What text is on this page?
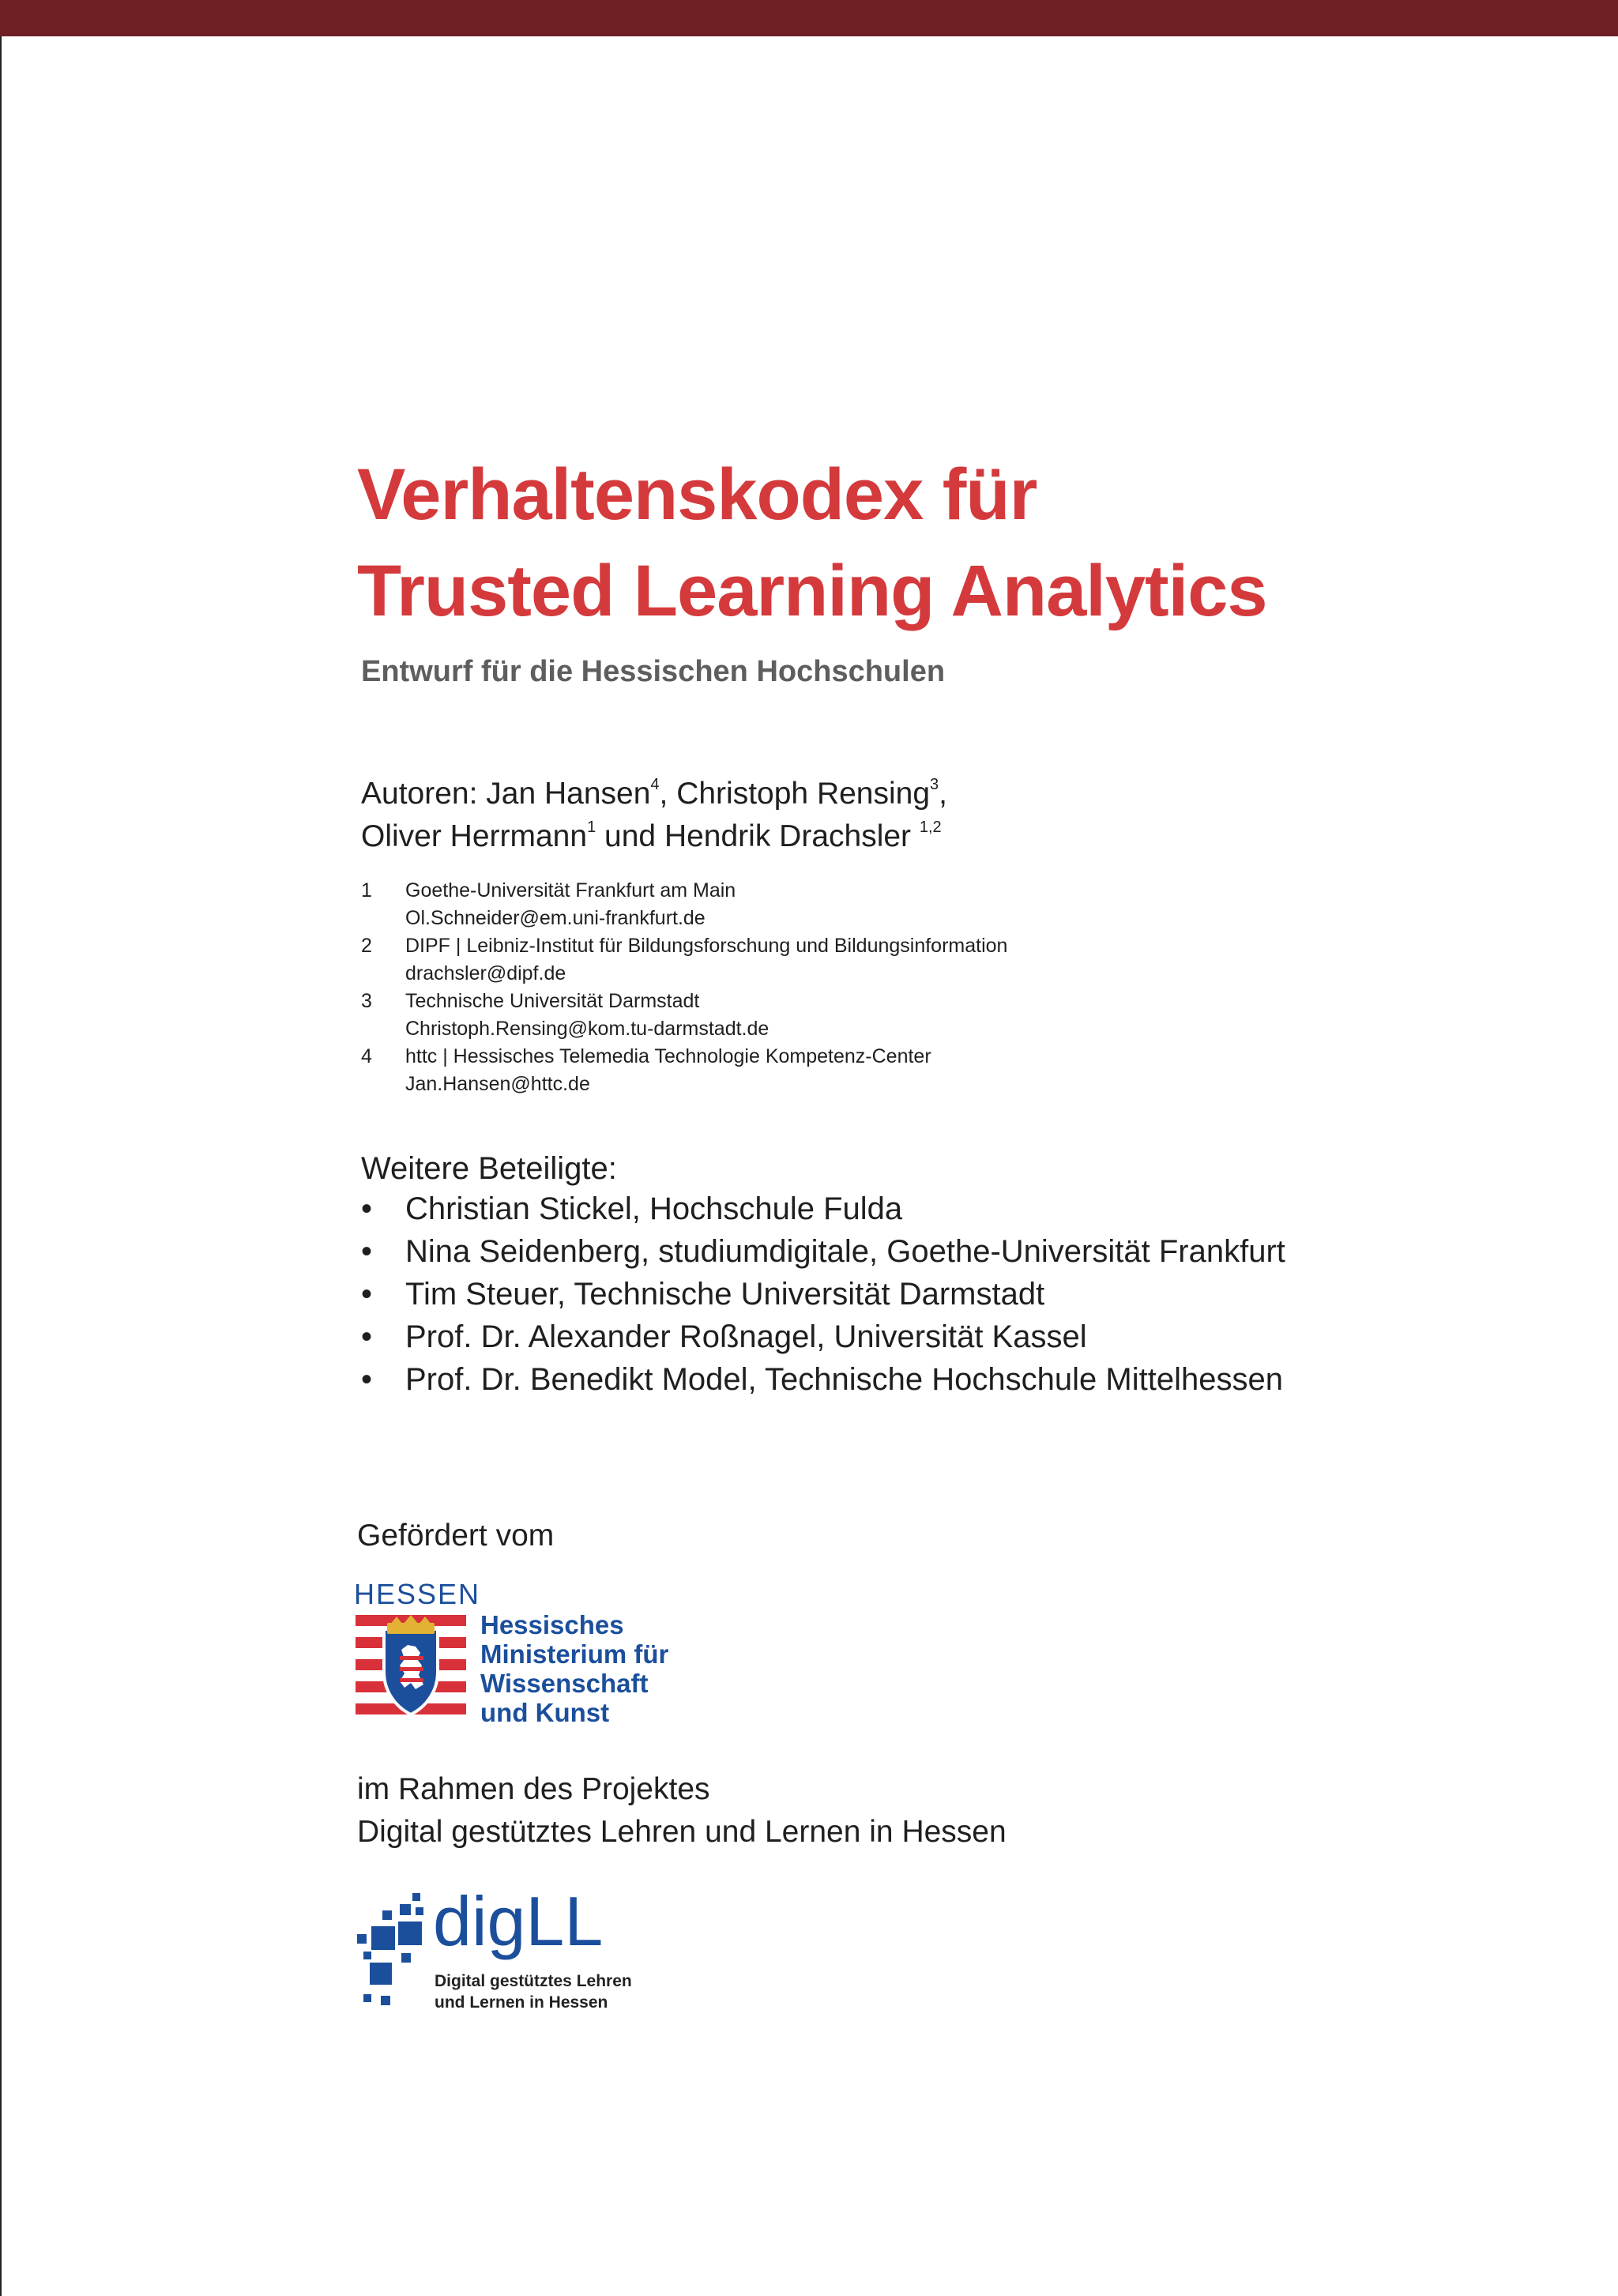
Verhaltenskodex für
Trusted Learning Analytics
Entwurf für die Hessischen Hochschulen
Autoren: Jan Hansen$^4$, Christoph Rensing$^3$,
Oliver Herrmann$^1$ und Hendrik Drachsler $^{1,2}$
1	Goethe-Universität Frankfurt am Main
Ol.Schneider@em.uni-frankfurt.de
2	DIPF | Leibniz-Institut für Bildungsforschung und Bildungsinformation
drachsler@dipf.de
3	Technische Universität Darmstadt
Christoph.Rensing@kom.tu-darmstadt.de
4	httc | Hessisches Telemedia Technologie Kompetenz-Center
Jan.Hansen@httc.de
Weitere Beteiligte:
•	Christian Stickel, Hochschule Fulda
•	Nina Seidenberg, studiumdigitale, Goethe-Universität Frankfurt
•	Tim Steuer, Technische Universität Darmstadt
•	Prof. Dr. Alexander Roßnagel, Universität Kassel
•	Prof. Dr. Benedikt Model, Technische Hochschule Mittelhessen
Gefördert vom
HESSEN
Hessisches
Ministerium für
Wissenschaft
und Kunst
im Rahmen des Projektes
Digital gestütztes Lehren und Lernen in Hessen
digLL
Digital gestütztes Lehren
und Lernen in Hessen
